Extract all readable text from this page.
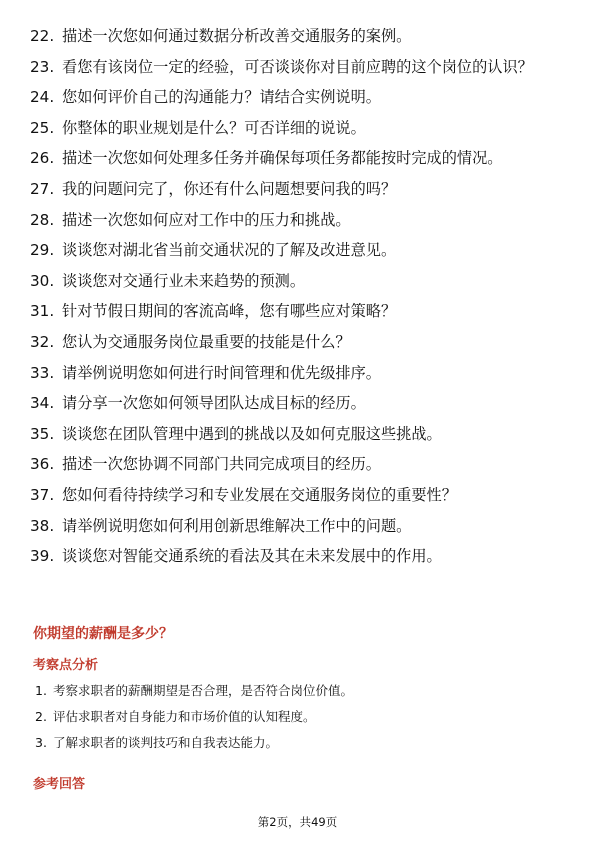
22. 描述一次您如何通过数据分析改善交通服务的案例。
23. 看您有该岗位一定的经验，可否谈谈你对目前应聘的这个岗位的认识？
24. 您如何评价自己的沟通能力？请结合实例说明。
25. 你整体的职业规划是什么？可否详细的说说。
26. 描述一次您如何处理多任务并确保每项任务都能按时完成的情况。
27. 我的问题问完了，你还有什么问题想要问我的吗？
28. 描述一次您如何应对工作中的压力和挑战。
29. 谈谈您对湖北省当前交通状况的了解及改进意见。
30. 谈谈您对交通行业未来趋势的预测。
31. 针对节假日期间的客流高峰，您有哪些应对策略？
32. 您认为交通服务岗位最重要的技能是什么？
33. 请举例说明您如何进行时间管理和优先级排序。
34. 请分享一次您如何领导团队达成目标的经历。
35. 谈谈您在团队管理中遇到的挑战以及如何克服这些挑战。
36. 描述一次您协调不同部门共同完成项目的经历。
37. 您如何看待持续学习和专业发展在交通服务岗位的重要性？
38. 请举例说明您如何利用创新思维解决工作中的问题。
39. 谈谈您对智能交通系统的看法及其在未来发展中的作用。
你期望的薪酬是多少？
考察点分析
1. 考察求职者的薪酬期望是否合理，是否符合岗位价值。
2. 评估求职者对自身能力和市场价值的认知程度。
3. 了解求职者的谈判技巧和自我表达能力。
参考回答
第2页，共49页
